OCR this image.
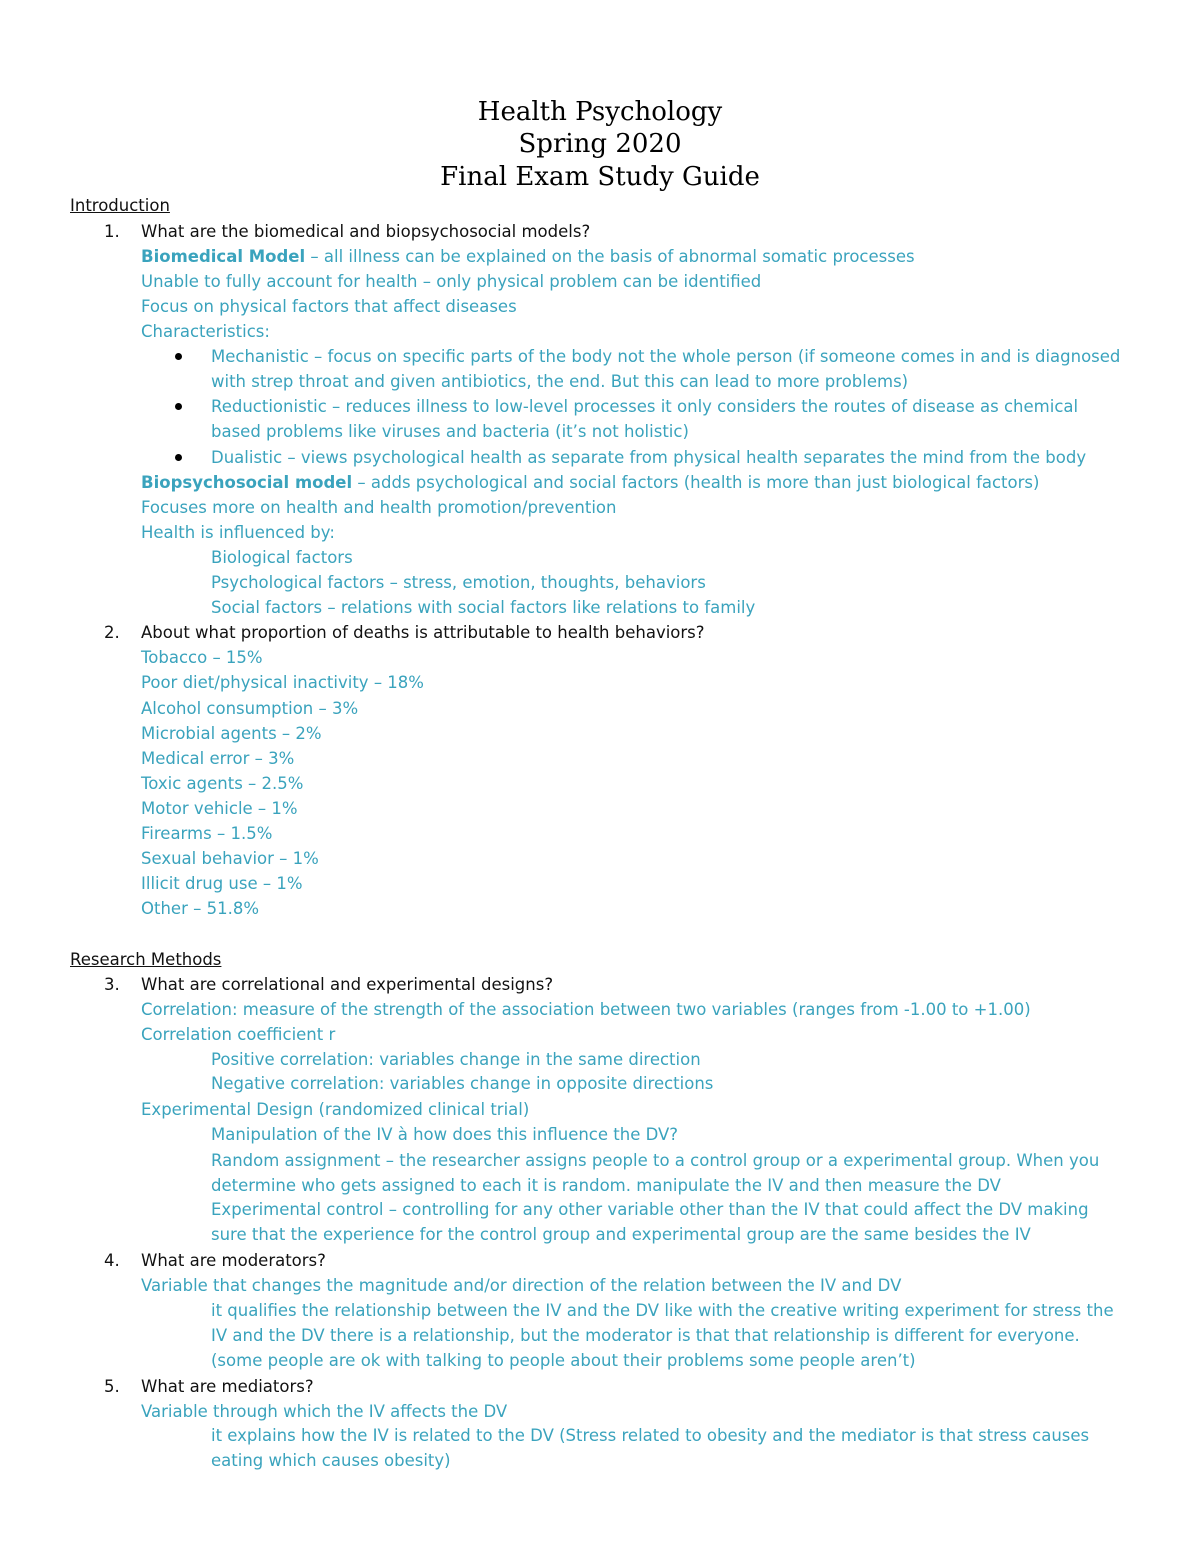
Health Psychology
Spring 2020
Final Exam Study Guide
Introduction
1. What are the biomedical and biopsychosocial models?
Biomedical Model – all illness can be explained on the basis of abnormal somatic processes
Unable to fully account for health – only physical problem can be identified
Focus on physical factors that affect diseases
Characteristics:
Mechanistic – focus on specific parts of the body not the whole person (if someone comes in and is diagnosed
with strep throat and given antibiotics, the end. But this can lead to more problems)
Reductionistic – reduces illness to low-level processes it only considers the routes of disease as chemical
based problems like viruses and bacteria (it’s not holistic)
Dualistic – views psychological health as separate from physical health separates the mind from the body
Biopsychosocial model – adds psychological and social factors (health is more than just biological factors)
Focuses more on health and health promotion/prevention
Health is influenced by:
Biological factors
Psychological factors – stress, emotion, thoughts, behaviors
Social factors – relations with social factors like relations to family
2. About what proportion of deaths is attributable to health behaviors?
Tobacco – 15%
Poor diet/physical inactivity – 18%
Alcohol consumption – 3%
Microbial agents – 2%
Medical error – 3%
Toxic agents – 2.5%
Motor vehicle – 1%
Firearms – 1.5%
Sexual behavior – 1%
Illicit drug use – 1%
Other – 51.8%
Research Methods
3. What are correlational and experimental designs?
Correlation: measure of the strength of the association between two variables (ranges from -1.00 to +1.00)
Correlation coefficient r
Positive correlation: variables change in the same direction
Negative correlation: variables change in opposite directions
Experimental Design (randomized clinical trial)
Manipulation of the IV à how does this influence the DV?
Random assignment – the researcher assigns people to a control group or a experimental group. When you
determine who gets assigned to each it is random. manipulate the IV and then measure the DV
Experimental control – controlling for any other variable other than the IV that could affect the DV making
sure that the experience for the control group and experimental group are the same besides the IV
4. What are moderators?
Variable that changes the magnitude and/or direction of the relation between the IV and DV
it qualifies the relationship between the IV and the DV like with the creative writing experiment for stress the
IV and the DV there is a relationship, but the moderator is that that relationship is different for everyone.
(some people are ok with talking to people about their problems some people aren’t)
5. What are mediators?
Variable through which the IV affects the DV
it explains how the IV is related to the DV (Stress related to obesity and the mediator is that stress causes
eating which causes obesity)
